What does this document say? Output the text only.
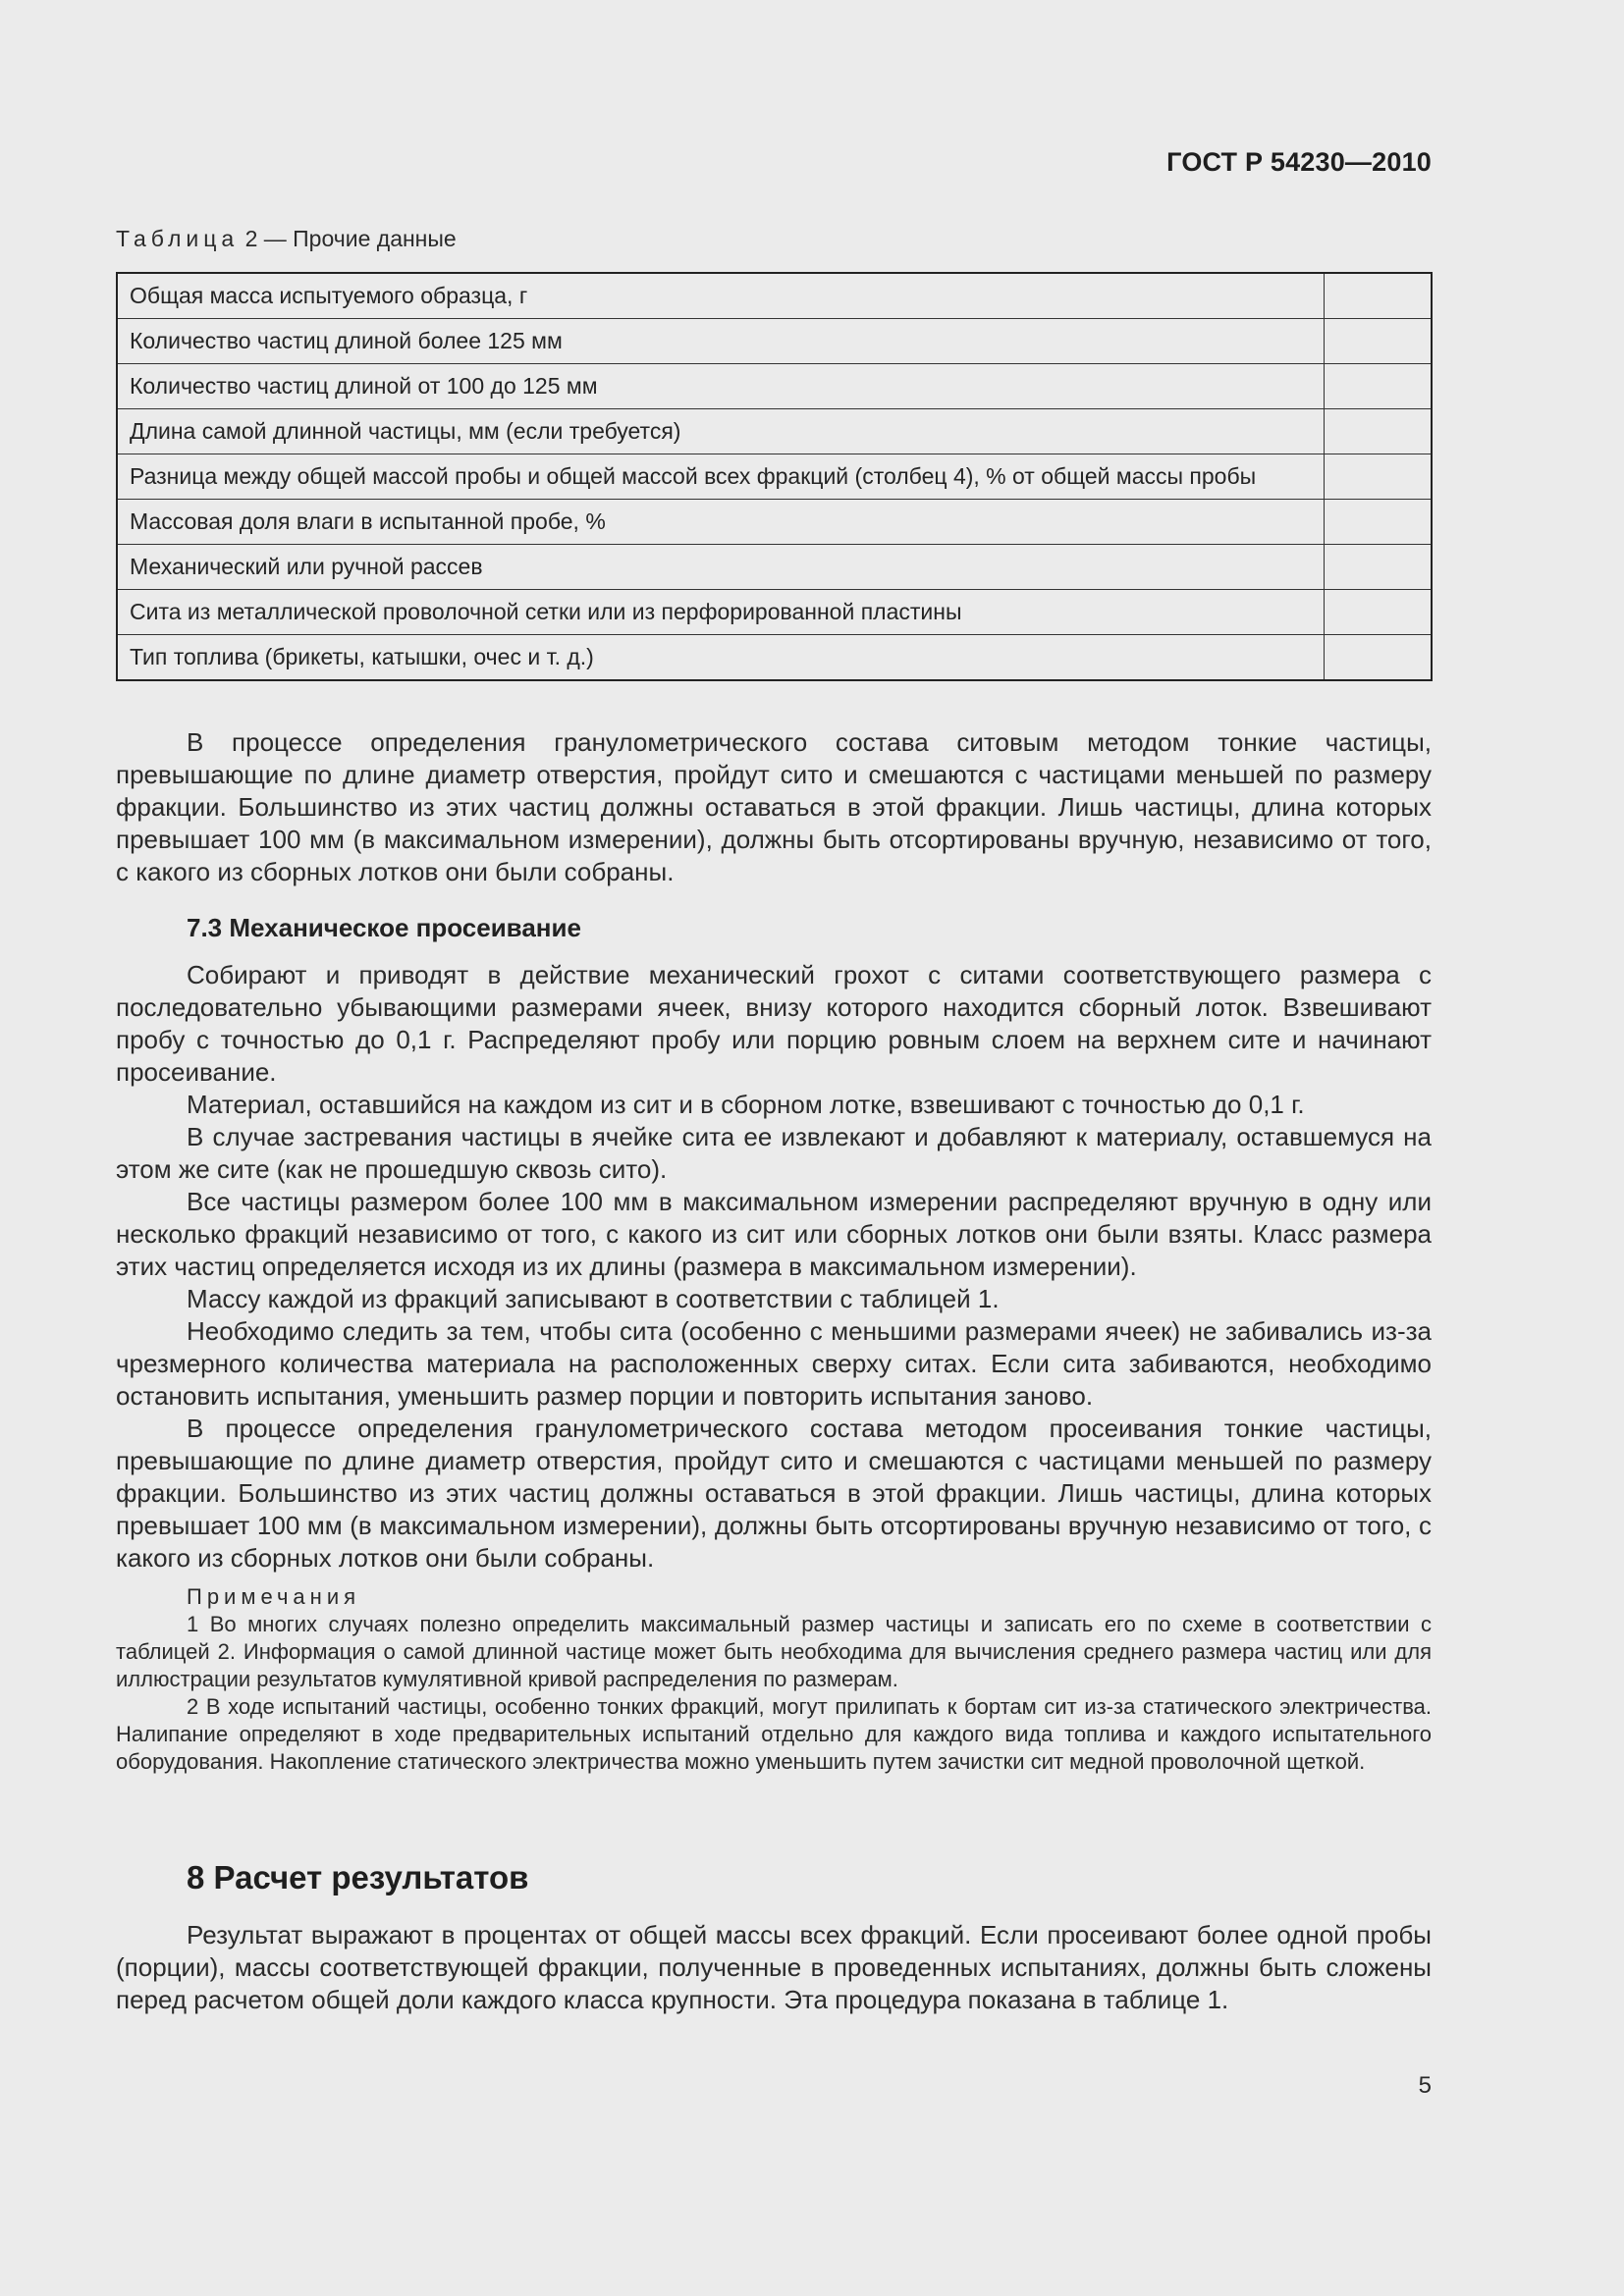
ГОСТ Р 54230—2010
Таблица 2 — Прочие данные
Общая масса испытуемого образца, г	
Количество частиц длиной более 125 мм	
Количество частиц длиной от 100 до 125 мм	
Длина самой длинной частицы, мм (если требуется)	
Разница между общей массой пробы и общей массой всех фракций (столбец 4), % от общей массы пробы	
Массовая доля влаги в испытанной пробе, %	
Механический или ручной рассев	
Сита из металлической проволочной сетки или из перфорированной пластины	
Тип топлива (брикеты, катышки, очес и т. д.)	

В процессе определения гранулометрического состава ситовым методом тонкие частицы, превышающие по длине диаметр отверстия, пройдут сито и смешаются с частицами меньшей по размеру фракции. Большинство из этих частиц должны оставаться в этой фракции. Лишь частицы, длина которых превышает 100 мм (в максимальном измерении), должны быть отсортированы вручную, независимо от того, с какого из сборных лотков они были собраны.

7.3 Механическое просеивание

Собирают и приводят в действие механический грохот с ситами соответствующего размера с последовательно убывающими размерами ячеек, внизу которого находится сборный лоток. Взвешивают пробу с точностью до 0,1 г. Распределяют пробу или порцию ровным слоем на верхнем сите и начинают просеивание.

Материал, оставшийся на каждом из сит и в сборном лотке, взвешивают с точностью до 0,1 г.

В случае застревания частицы в ячейке сита ее извлекают и добавляют к материалу, оставшемуся на этом же сите (как не прошедшую сквозь сито).

Все частицы размером более 100 мм в максимальном измерении распределяют вручную в одну или несколько фракций независимо от того, с какого из сит или сборных лотков они были взяты. Класс размера этих частиц определяется исходя из их длины (размера в максимальном измерении).

Массу каждой из фракций записывают в соответствии с таблицей 1.

Необходимо следить за тем, чтобы сита (особенно с меньшими размерами ячеек) не забивались из-за чрезмерного количества материала на расположенных сверху ситах. Если сита забиваются, необходимо остановить испытания, уменьшить размер порции и повторить испытания заново.

В процессе определения гранулометрического состава методом просеивания тонкие частицы, превышающие по длине диаметр отверстия, пройдут сито и смешаются с частицами меньшей по размеру фракции. Большинство из этих частиц должны оставаться в этой фракции. Лишь частицы, длина которых превышает 100 мм (в максимальном измерении), должны быть отсортированы вручную независимо от того, с какого из сборных лотков они были собраны.

Примечания

1 Во многих случаях полезно определить максимальный размер частицы и записать его по схеме в соответствии с таблицей 2. Информация о самой длинной частице может быть необходима для вычисления среднего размера частиц или для иллюстрации результатов кумулятивной кривой распределения по размерам.

2 В ходе испытаний частицы, особенно тонких фракций, могут прилипать к бортам сит из-за статического электричества. Налипание определяют в ходе предварительных испытаний отдельно для каждого вида топлива и каждого испытательного оборудования. Накопление статического электричества можно уменьшить путем зачистки сит медной проволочной щеткой.

8 Расчет результатов

Результат выражают в процентах от общей массы всех фракций. Если просеивают более одной пробы (порции), массы соответствующей фракции, полученные в проведенных испытаниях, должны быть сложены перед расчетом общей доли каждого класса крупности. Эта процедура показана в таблице 1.

5
